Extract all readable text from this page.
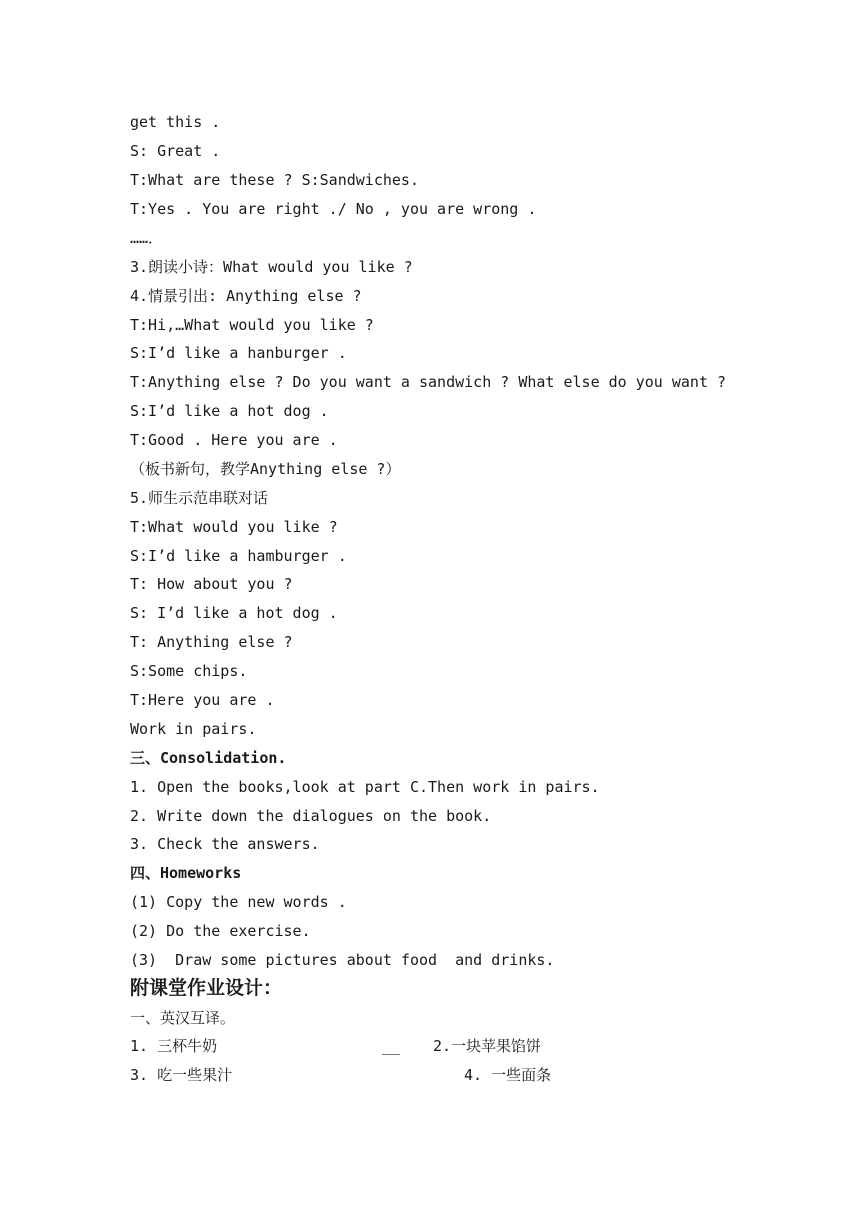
get this .
S: Great .
T:What are these ? S:Sandwiches.
T:Yes . You are right ./ No , you are wrong .
……．
3.朗读小诗：What would you like ?
4.情景引出: Anything else ?
T:Hi,…What would you like ?
S:I’d like a hanburger .
T:Anything else ? Do you want a sandwich ? What else do you want ?
S:I’d like a hot dog .
T:Good . Here you are .
（板书新句，教学Anything else ?）
5.师生示范串联对话
T:What would you like ?
S:I’d like a hamburger .
T: How about you ?
S: I’d like a hot dog .
T: Anything else ?
S:Some chips.
T:Here you are .
Work in pairs.
三、Consolidation.
1. Open the books,look at part C.Then work in pairs.
2. Write down the dialogues on the book.
3. Check the answers.
四、Homeworks
(1) Copy the new words .
(2) Do the exercise.
(3)  Draw some pictures about food  and drinks.
附课堂作业设计：
一、英汉互译。
1. 三杯牛奶	__ 2.一块苹果馅饼
3. 吃一些果汁	4. 一些面条
